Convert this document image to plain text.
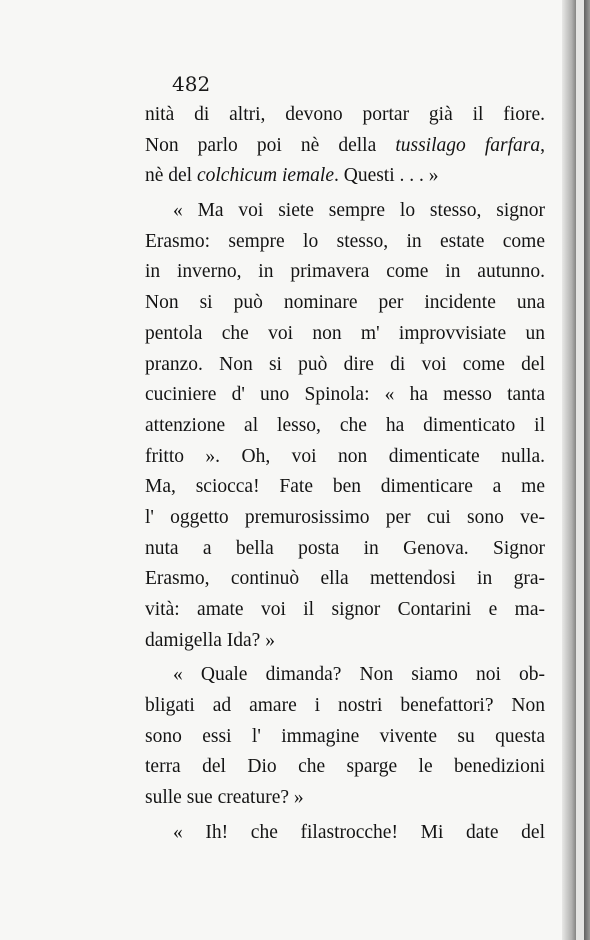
482
nità di altri, devono portar già il fiore.
Non parlo poi nè della tussilago farfara,
nè del colchicum iemale. Questi . . . »
« Ma voi siete sempre lo stesso, signor
Erasmo: sempre lo stesso, in estate come
in inverno, in primavera come in autunno.
Non si può nominare per incidente una
pentola che voi non m' improvvisiate un
pranzo. Non si può dire di voi come del
cuciniere d' uno Spinola: « ha messo tanta
attenzione al lesso, che ha dimenticato il
fritto ». Oh, voi non dimenticate nulla.
Ma, sciocca! Fate ben dimenticare a me
l' oggetto premurosissimo per cui sono ve-
nuta a bella posta in Genova. Signor
Erasmo, continuò ella mettendosi in gra-
vità: amate voi il signor Contarini e ma-
damigella Ida? »
« Quale dimanda? Non siamo noi ob-
bligati ad amare i nostri benefattori? Non
sono essi l' immagine vivente su questa
terra del Dio che sparge le benedizioni
sulle sue creature? »
« Ih! che filastrocche! Mi date del
